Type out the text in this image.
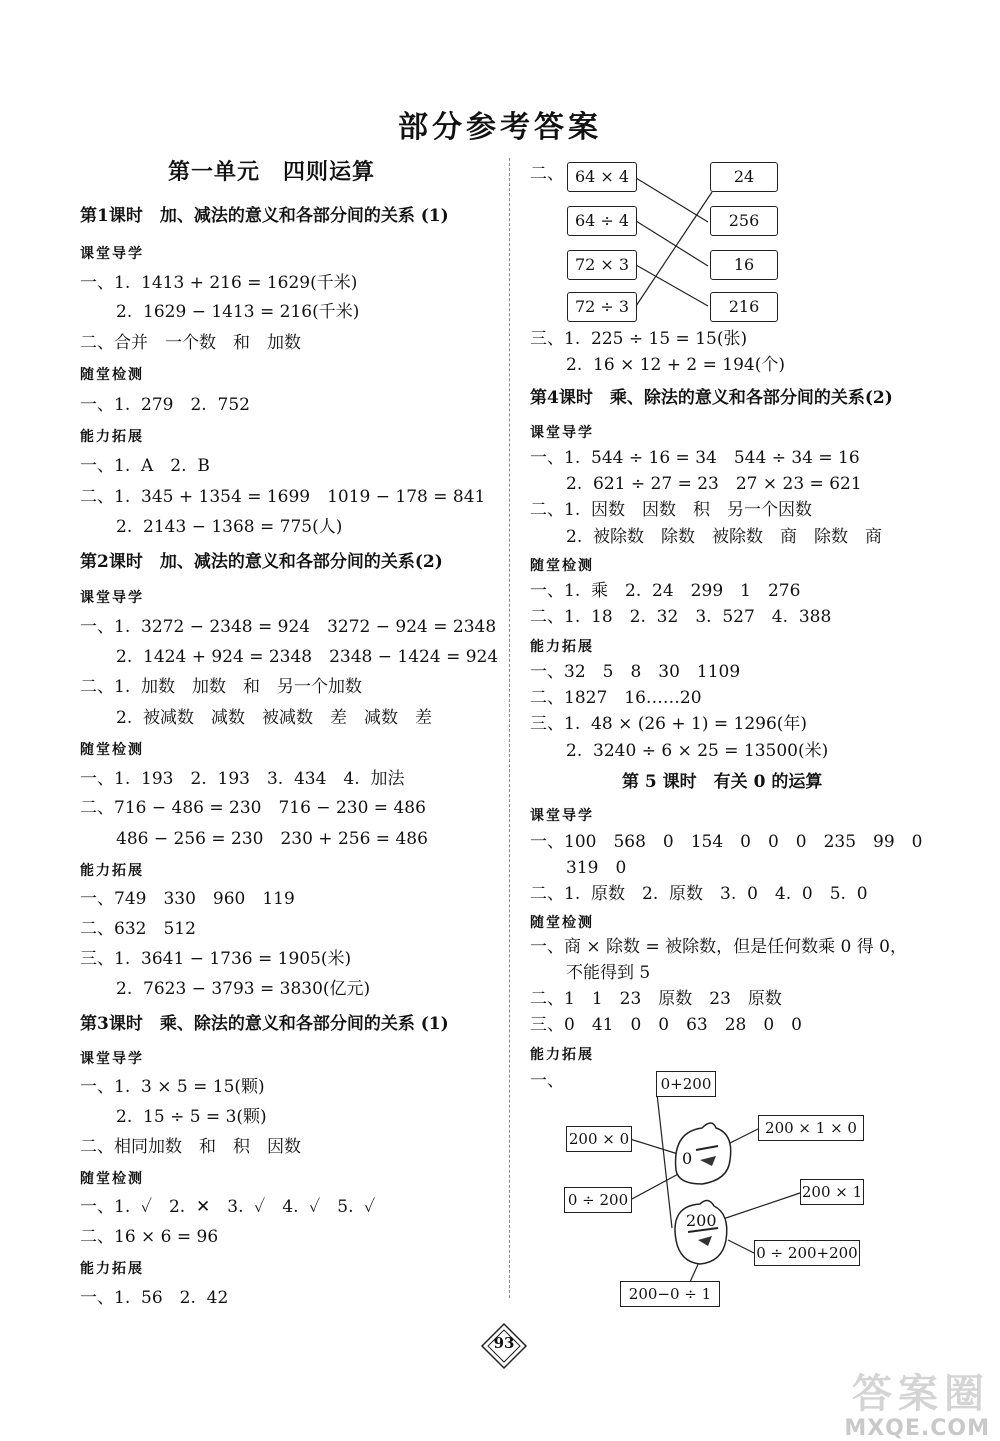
部分参考答案
第一单元　四则运算
第1课时　加、减法的意义和各部分间的关系 (1)
课堂导学
一、1.  1413 + 216 = 1629(千米)
2.  1629 − 1413 = 216(千米)
二、合并　一个数　和　加数
随堂检测
一、1.  279　2.  752
能力拓展
一、1.  A　2.  B
二、1.  345 + 1354 = 1699　1019 − 178 = 841
2.  2143 − 1368 = 775(人)
第2课时　加、减法的意义和各部分间的关系(2)
课堂导学
一、1.  3272 − 2348 = 924　3272 − 924 = 2348
2.  1424 + 924 = 2348　2348 − 1424 = 924
二、1.  加数　加数　和　另一个加数
2.  被减数　减数　被减数　差　减数　差
随堂检测
一、1.  193　2.  193　3.  434　4.  加法
二、716 − 486 = 230　716 − 230 = 486
486 − 256 = 230　230 + 256 = 486
能力拓展
一、749　330　960　119
二、632　512
三、1.  3641 − 1736 = 1905(米)
2.  7623 − 3793 = 3830(亿元)
第3课时　乘、除法的意义和各部分间的关系 (1)
课堂导学
一、1.  3 × 5 = 15(颗)
2.  15 ÷ 5 = 3(颗)
二、相同加数　和　积　因数
随堂检测
一、1.  ✓　2.  ✕　3.  ✓　4.  ✓　5.  ✓
二、16 × 6 = 96
能力拓展
一、1.  56　2.  42
二、 64 × 4
64 ÷ 4
72 × 3
72 ÷ 3
24
256
16
216
三、1.  225 ÷ 15 = 15(张)
2.  16 × 12 + 2 = 194(个)
第4课时　乘、除法的意义和各部分间的关系(2)
课堂导学
一、1.  544 ÷ 16 = 34　544 ÷ 34 = 16
2.  621 ÷ 27 = 23　27 × 23 = 621
二、1.  因数　因数　积　另一个因数
2.  被除数　除数　被除数　商　除数　商
随堂检测
一、1.  乘　2.  24　299　1　276
二、1.  18　2.  32　3.  527　4.  388
能力拓展
一、32　5　8　30　1109
二、1827　16……20
三、1.  48 × (26 + 1) = 1296(年)
2.  3240 ÷ 6 × 25 = 13500(米)
第 5 课时　有关 0 的运算
课堂导学
一、100　568　0　154　0　0　0　235　99　0
319　0
二、1.  原数　2.  原数　3.  0　4.  0　5.  0
随堂检测
一、商 × 除数 = 被除数，但是任何数乘 0 得 0，
不能得到 5
二、1　1　23　原数　23　原数
三、0　41　0　0　63　28　0　0
能力拓展
一、
0
200
0+200
200 × 0
200 × 1 × 0
0 ÷ 200	200 × 1
0 ÷ 200+200
200−0 ÷ 1
93
答案圈
MXQE.COM
